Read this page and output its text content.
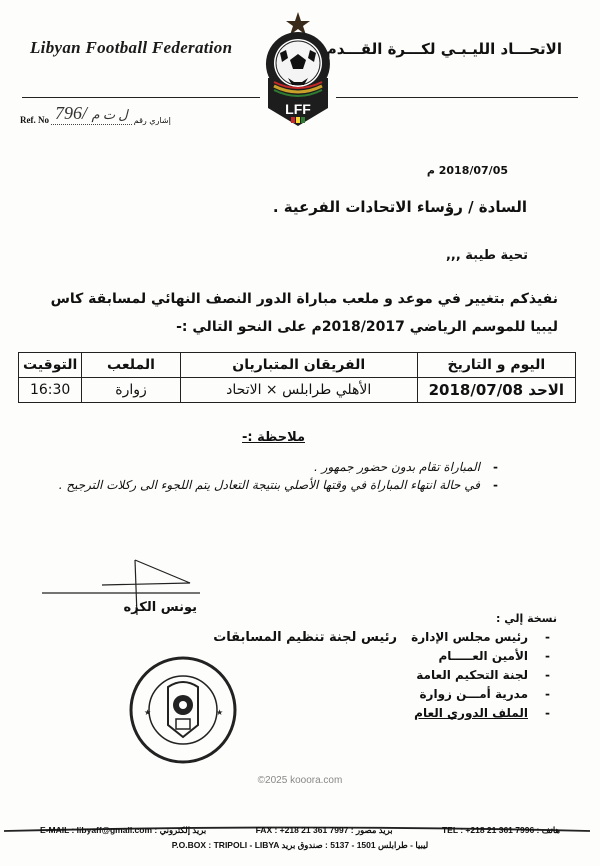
Libyan Football Federation	الاتحـــاد الليـبـي لكـــرة القـــدم
LFF
Ref. No 796/ ل ت م إشاري رقم
2018/07/05 م
السادة / رؤساء الاتحادات الفرعية .
تحية طيبة ,,,
نفيذكم بتغيير في موعد و ملعب مباراة الدور النصف النهائي لمسابقة كاس ليبيا للموسم الرياضي 2018/2017م على النحو التالي :-
اليوم و التاريخ	الفريقان المتباريان	الملعب	التوقيت
الاحد 2018/07/08	الأهلي طرابلس × الاتحاد	زوارة	16:30
ملاحظة :-
-المباراة تقام بدون حضور جمهور .
-في حالة انتهاء المباراة في وقتها الأصلي بنتيجة التعادل يتم اللجوء الى ركلات الترجيح .
يونس الكزه
رئيس لجنة تنظيم المسابقات
★	★
نسخة إلي :
-رئيس مجلس الإدارة
-الأمين العـــــام
-لجنة التحكيم العامة
-مدرية أمـــن زوارة
-الملف الدوري العام
©2025 kooora.com
E-MAIL : libyaff@gmail.com : بريد إلكتروني	FAX : +218 21 361 7997 : بريد مصور	TEL : +218 21 361 7996 : هاتف
P.O.BOX : TRIPOLI - LIBYA ليبيا - طرابلس 1501 - 5137 : صندوق بريد
